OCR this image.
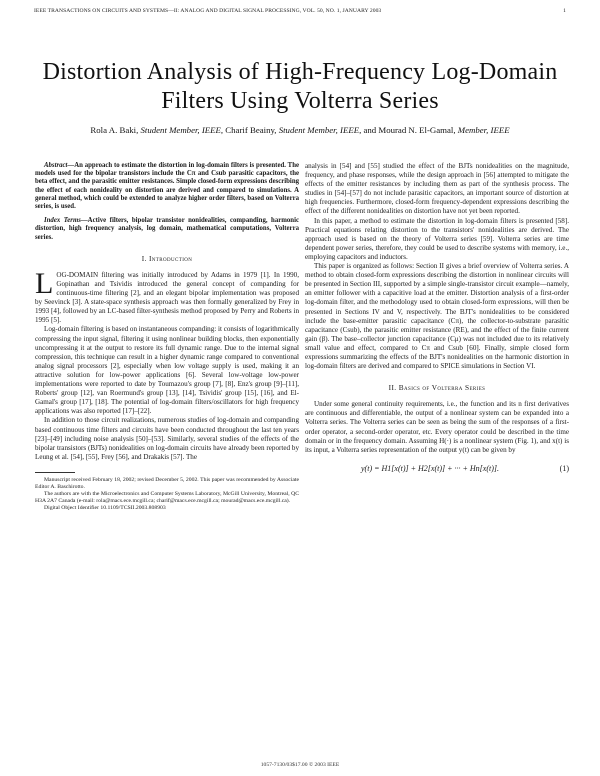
IEEE TRANSACTIONS ON CIRCUITS AND SYSTEMS—II: ANALOG AND DIGITAL SIGNAL PROCESSING, VOL. 50, NO. 1, JANUARY 2003	1
Distortion Analysis of High-Frequency Log-Domain
Filters Using Volterra Series
Rola A. Baki, Student Member, IEEE, Charif Beainy, Student Member, IEEE, and Mourad N. El-Gamal, Member, IEEE

Abstract—An approach to estimate the distortion in log-domain filters is presented. The models used for the bipolar transistors include the Cπ and Csub parasitic capacitors, the beta effect, and the parasitic emitter resistances. Simple closed-form expressions describing the effect of each nonideality on distortion are derived and compared to simulations. A general method, which could be extended to analyze higher order filters, based on Volterra series, is used.

Index Terms—Active filters, bipolar transistor nonidealities, companding, harmonic distortion, high frequency analysis, log domain, mathematical computations, Volterra series.

I. Introduction

LOG-DOMAIN filtering was initially introduced by Adams in 1979 [1]. In 1990, Gopinathan and Tsividis introduced the general concept of companding for continuous-time filtering [2], and an elegant bipolar implementation was proposed by Seevinck [3]. A state-space synthesis approach was then formally generalized by Frey in 1993 [4], followed by an LC-based filter-synthesis method proposed by Perry and Roberts in 1995 [5].

Log-domain filtering is based on instantaneous companding: it consists of logarithmically compressing the input signal, filtering it using nonlinear building blocks, then exponentially uncompressing it at the output to restore its full dynamic range. Due to the internal signal compression, this technique can result in a higher dynamic range compared to conventional analog signal processors [2], especially when low voltage supply is used, making it an attractive solution for low-power applications [6]. Several low-voltage low-power implementations were reported to date by Toumazou's group [7], [8], Enz's group [9]–[11], Roberts' group [12], van Roermund's group [13], [14], Tsividis' group [15], [16], and El-Gamal's group [17], [18]. The potential of log-domain filters/oscillators for high frequency applications was also reported [17]–[22].

In addition to those circuit realizations, numerous studies of log-domain and companding based continuous time filters and circuits have been conducted throughout the last ten years [23]–[49] including noise analysis [50]–[53]. Similarly, several studies of the effects of the bipolar transistors (BJTs) nonidealities on log-domain circuits have already been reported by Leung et al. [54], [55], Frey [56], and Drakakis [57]. The

Manuscript received February 18, 2002; revised December 5, 2002. This paper was recommended by Associate Editor A. Baschirotto.

The authors are with the Microelectronics and Computer Systems Laboratory, McGill University, Montreal, QC H3A 2A7 Canada (e-mail: rola@macs.ece.mcgill.ca; charif@macs.ece.mcgill.ca; mourad@macs.ece.mcgill.ca).

Digital Object Identifier 10.1109/TCSII.2003.808903

analysis in [54] and [55] studied the effect of the BJTs nonidealities on the magnitude, frequency, and phase responses, while the design approach in [56] attempted to mitigate the effects of the emitter resistances by including them as part of the synthesis process. The studies in [54]–[57] do not include parasitic capacitors, an important source of distortion at high frequencies. Furthermore, closed-form frequency-dependent expressions describing the effect of the different nonidealities on distortion have not yet been reported.

In this paper, a method to estimate the distortion in log-domain filters is presented [58]. Practical equations relating distortion to the transistors' nonidealities are derived. The approach used is based on the theory of Volterra series [59]. Volterra series are time dependent power series, therefore, they could be used to describe systems with memory, i.e., employing capacitors and inductors.

This paper is organized as follows: Section II gives a brief overview of Volterra series. A method to obtain closed-form expressions describing the distortion in nonlinear circuits will be presented in Section III, supported by a simple single-transistor circuit example—namely, an emitter follower with a capacitive load at the emitter. Distortion analysis of a first-order log-domain filter, and the methodology used to obtain closed-form expressions, will then be presented in Sections IV and V, respectively. The BJT's nonidealities to be considered include the base-emitter parasitic capacitance (Cπ), the collector-to-substrate parasitic capacitance (Csub), the parasitic emitter resistance (RE), and the effect of the finite current gain (β). The base–collector junction capacitance (Cμ) was not included due to its relatively small value and effect, compared to Cπ and Csub [60]. Finally, simple closed form expressions summarizing the effects of the BJT's nonidealities on the harmonic distortion in log-domain filters are derived and compared to SPICE simulations in Section VI.

II. Basics of Volterra Series

Under some general continuity requirements, i.e., the function and its n first derivatives are continuous and differentiable, the output of a nonlinear system can be expanded into a Volterra series. The Volterra series can be seen as being the sum of the responses of a first-order operator, a second-order operator, etc. Every operator could be described in the time domain or in the frequency domain. Assuming H(·) is a nonlinear system (Fig. 1), and x(t) is its input, a Volterra series representation of the output y(t) can be given by

y(t) = H1[x(t)] + H2[x(t)] + ··· + Hn[x(t)].	(1)
1057-7130/03$17.00 © 2003 IEEE
